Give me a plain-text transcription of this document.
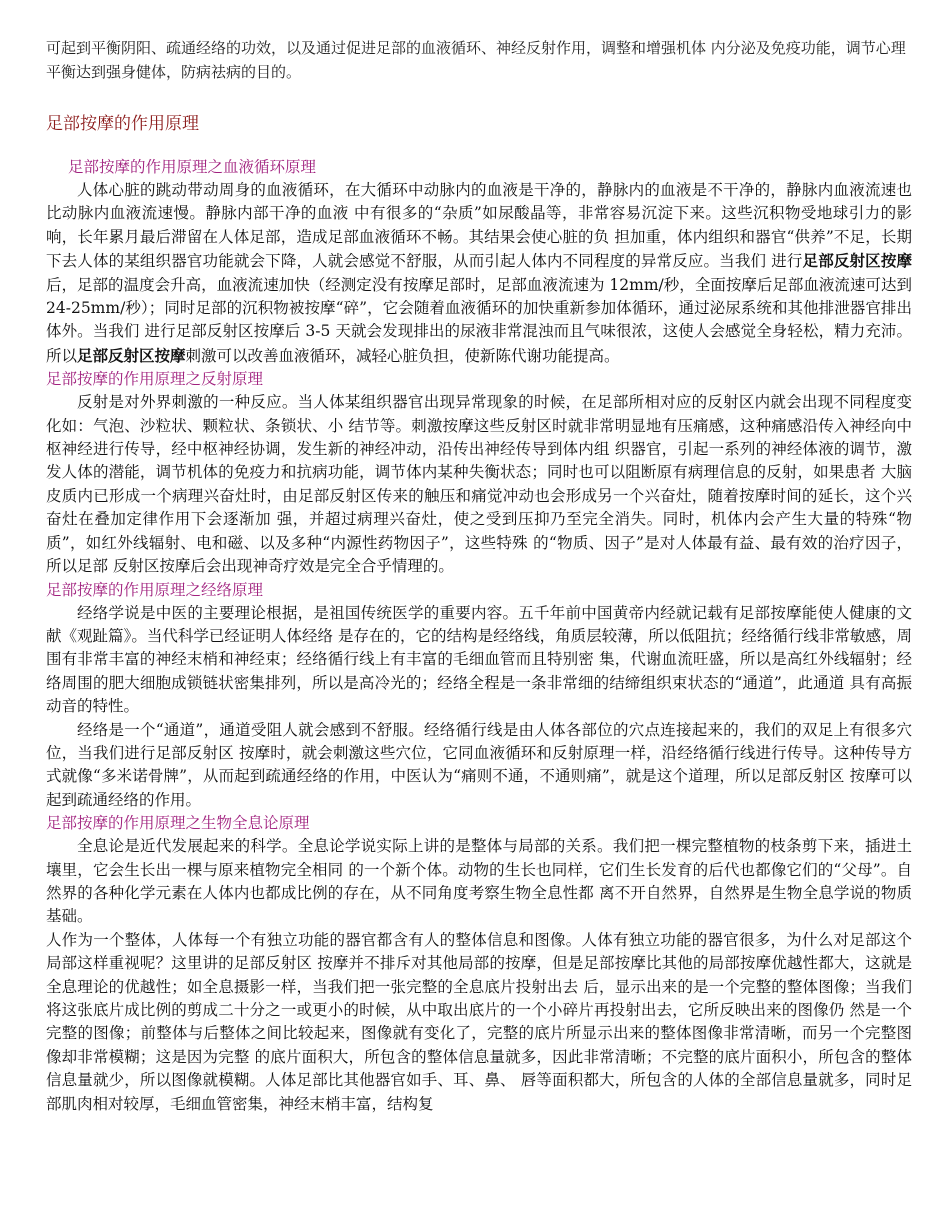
可起到平衡阴阳、疏通经络的功效，以及通过促进足部的血液循环、神经反射作用，调整和增强机体 内分泌及免疫功能，调节心理平衡达到强身健体，防病祛病的目的。

足部按摩的作用原理
足部按摩的作用原理之血液循环原理

人体心脏的跳动带动周身的血液循环，在大循环中动脉内的血液是干净的，静脉内的血液是不干净的，静脉内血液流速也比动脉内血液流速慢。静脉内部干净的血液 中有很多的“杂质”如尿酸晶等，非常容易沉淀下来。这些沉积物受地球引力的影响，长年累月最后滞留在人体足部，造成足部血液循环不畅。其结果会使心脏的负 担加重，体内组织和器官“供养”不足，长期下去人体的某组织器官功能就会下降，人就会感觉不舒服，从而引起人体内不同程度的异常反应。当我们 进行足部反射区按摩后，足部的温度会升高，血液流速加快（经测定没有按摩足部时，足部血液流速为 12mm/秒，全面按摩后足部血液流速可达到 24-25mm/秒）；同时足部的沉积物被按摩“碎”，它会随着血液循环的加快重新参加体循环，通过泌尿系统和其他排泄器官排出体外。当我们 进行足部反射区按摩后 3-5 天就会发现排出的尿液非常混浊而且气味很浓，这使人会感觉全身轻松，精力充沛。所以足部反射区按摩刺激可以改善血液循环，减轻心脏负担，使新陈代谢功能提高。

足部按摩的作用原理之反射原理

反射是对外界刺激的一种反应。当人体某组织器官出现异常现象的时候，在足部所相对应的反射区内就会出现不同程度变化如：气泡、沙粒状、颗粒状、条锁状、小 结节等。刺激按摩这些反射区时就非常明显地有压痛感，这种痛感沿传入神经向中枢神经进行传导，经中枢神经协调，发生新的神经冲动，沿传出神经传导到体内组 织器官，引起一系列的神经体液的调节，激发人体的潜能，调节机体的免疫力和抗病功能，调节体内某种失衡状态；同时也可以阻断原有病理信息的反射，如果患者 大脑皮质内已形成一个病理兴奋灶时，由足部反射区传来的触压和痛觉冲动也会形成另一个兴奋灶，随着按摩时间的延长，这个兴奋灶在叠加定律作用下会逐渐加 强，并超过病理兴奋灶，使之受到压抑乃至完全消失。同时，机体内会产生大量的特殊“物质”，如红外线辐射、电和磁、以及多种“内源性药物因子”，这些特殊 的“物质、因子”是对人体最有益、最有效的治疗因子，所以足部 反射区按摩后会出现神奇疗效是完全合乎情理的。

足部按摩的作用原理之经络原理

经络学说是中医的主要理论根据，是祖国传统医学的重要内容。五千年前中国黄帝内经就记载有足部按摩能使人健康的文献《观趾篇》。当代科学已经证明人体经络 是存在的，它的结构是经络线，角质层较薄，所以低阻抗；经络循行线非常敏感，周围有非常丰富的神经末梢和神经束；经络循行线上有丰富的毛细血管而且特别密 集，代谢血流旺盛，所以是高红外线辐射；经络周围的肥大细胞成锁链状密集排列，所以是高冷光的；经络全程是一条非常细的结缔组织束状态的“通道”，此通道 具有高振动音的特性。

经络是一个“通道”，通道受阻人就会感到不舒服。经络循行线是由人体各部位的穴点连接起来的，我们的双足上有很多穴位，当我们进行足部反射区 按摩时，就会刺激这些穴位，它同血液循环和反射原理一样，沿经络循行线进行传导。这种传导方式就像“多米诺骨牌”，从而起到疏通经络的作用，中医认为“痛则不通，不通则痛”，就是这个道理，所以足部反射区 按摩可以起到疏通经络的作用。

足部按摩的作用原理之生物全息论原理

全息论是近代发展起来的科学。全息论学说实际上讲的是整体与局部的关系。我们把一棵完整植物的枝条剪下来，插进土壤里，它会生长出一棵与原来植物完全相同 的一个新个体。动物的生长也同样，它们生长发育的后代也都像它们的“父母”。自然界的各种化学元素在人体内也都成比例的存在，从不同角度考察生物全息性都 离不开自然界，自然界是生物全息学说的物质基础。

人作为一个整体，人体每一个有独立功能的器官都含有人的整体信息和图像。人体有独立功能的器官很多，为什么对足部这个局部这样重视呢？这里讲的足部反射区 按摩并不排斥对其他局部的按摩，但是足部按摩比其他的局部按摩优越性都大，这就是全息理论的优越性；如全息摄影一样，当我们把一张完整的全息底片投射出去 后，显示出来的是一个完整的整体图像；当我们将这张底片成比例的剪成二十分之一或更小的时候，从中取出底片的一个小碎片再投射出去，它所反映出来的图像仍 然是一个完整的图像；前整体与后整体之间比较起来，图像就有变化了，完整的底片所显示出来的整体图像非常清晰，而另一个完整图像却非常模糊；这是因为完整 的底片面积大，所包含的整体信息量就多，因此非常清晰；不完整的底片面积小，所包含的整体信息量就少，所以图像就模糊。人体足部比其他器官如手、耳、鼻、 唇等面积都大，所包含的人体的全部信息量就多，同时足部肌肉相对较厚，毛细血管密集，神经末梢丰富，结构复
